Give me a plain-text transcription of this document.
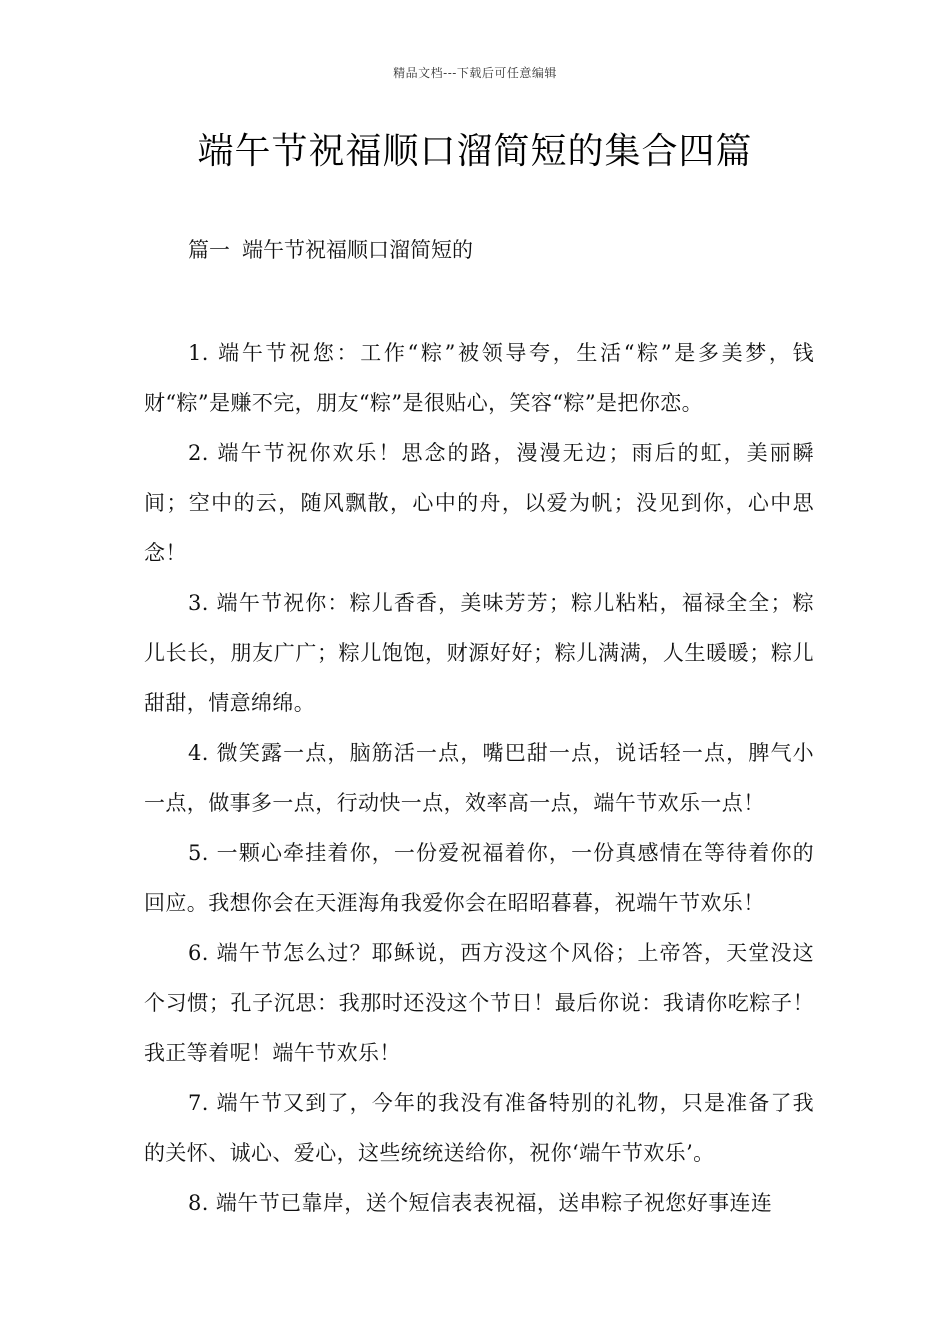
精品文档---下载后可任意编辑
端午节祝福顺口溜简短的集合四篇
篇一 端午节祝福顺口溜简短的

1. 端午节祝您：工作“粽”被领导夸，生活“粽”是多美梦，钱财“粽”是赚不完，朋友“粽”是很贴心，笑容“粽”是把你恋。

2. 端午节祝你欢乐！思念的路，漫漫无边；雨后的虹，美丽瞬间；空中的云，随风飘散，心中的舟，以爱为帆；没见到你，心中思念！

3. 端午节祝你：粽儿香香，美味芳芳；粽儿粘粘，福禄全全；粽儿长长，朋友广广；粽儿饱饱，财源好好；粽儿满满，人生暖暖；粽儿甜甜，情意绵绵。

4. 微笑露一点，脑筋活一点，嘴巴甜一点，说话轻一点，脾气小一点，做事多一点，行动快一点，效率高一点，端午节欢乐一点！

5. 一颗心牵挂着你，一份爱祝福着你，一份真感情在等待着你的回应。我想你会在天涯海角我爱你会在昭昭暮暮，祝端午节欢乐！

6. 端午节怎么过？耶稣说，西方没这个风俗；上帝答，天堂没这个习惯；孔子沉思：我那时还没这个节日！最后你说：我请你吃粽子！我正等着呢！端午节欢乐！

7. 端午节又到了，今年的我没有准备特别的礼物，只是准备了我的关怀、诚心、爱心，这些统统送给你，祝你‘端午节欢乐’。

8. 端午节已靠岸，送个短信表表祝福，送串粽子祝您好事连连
